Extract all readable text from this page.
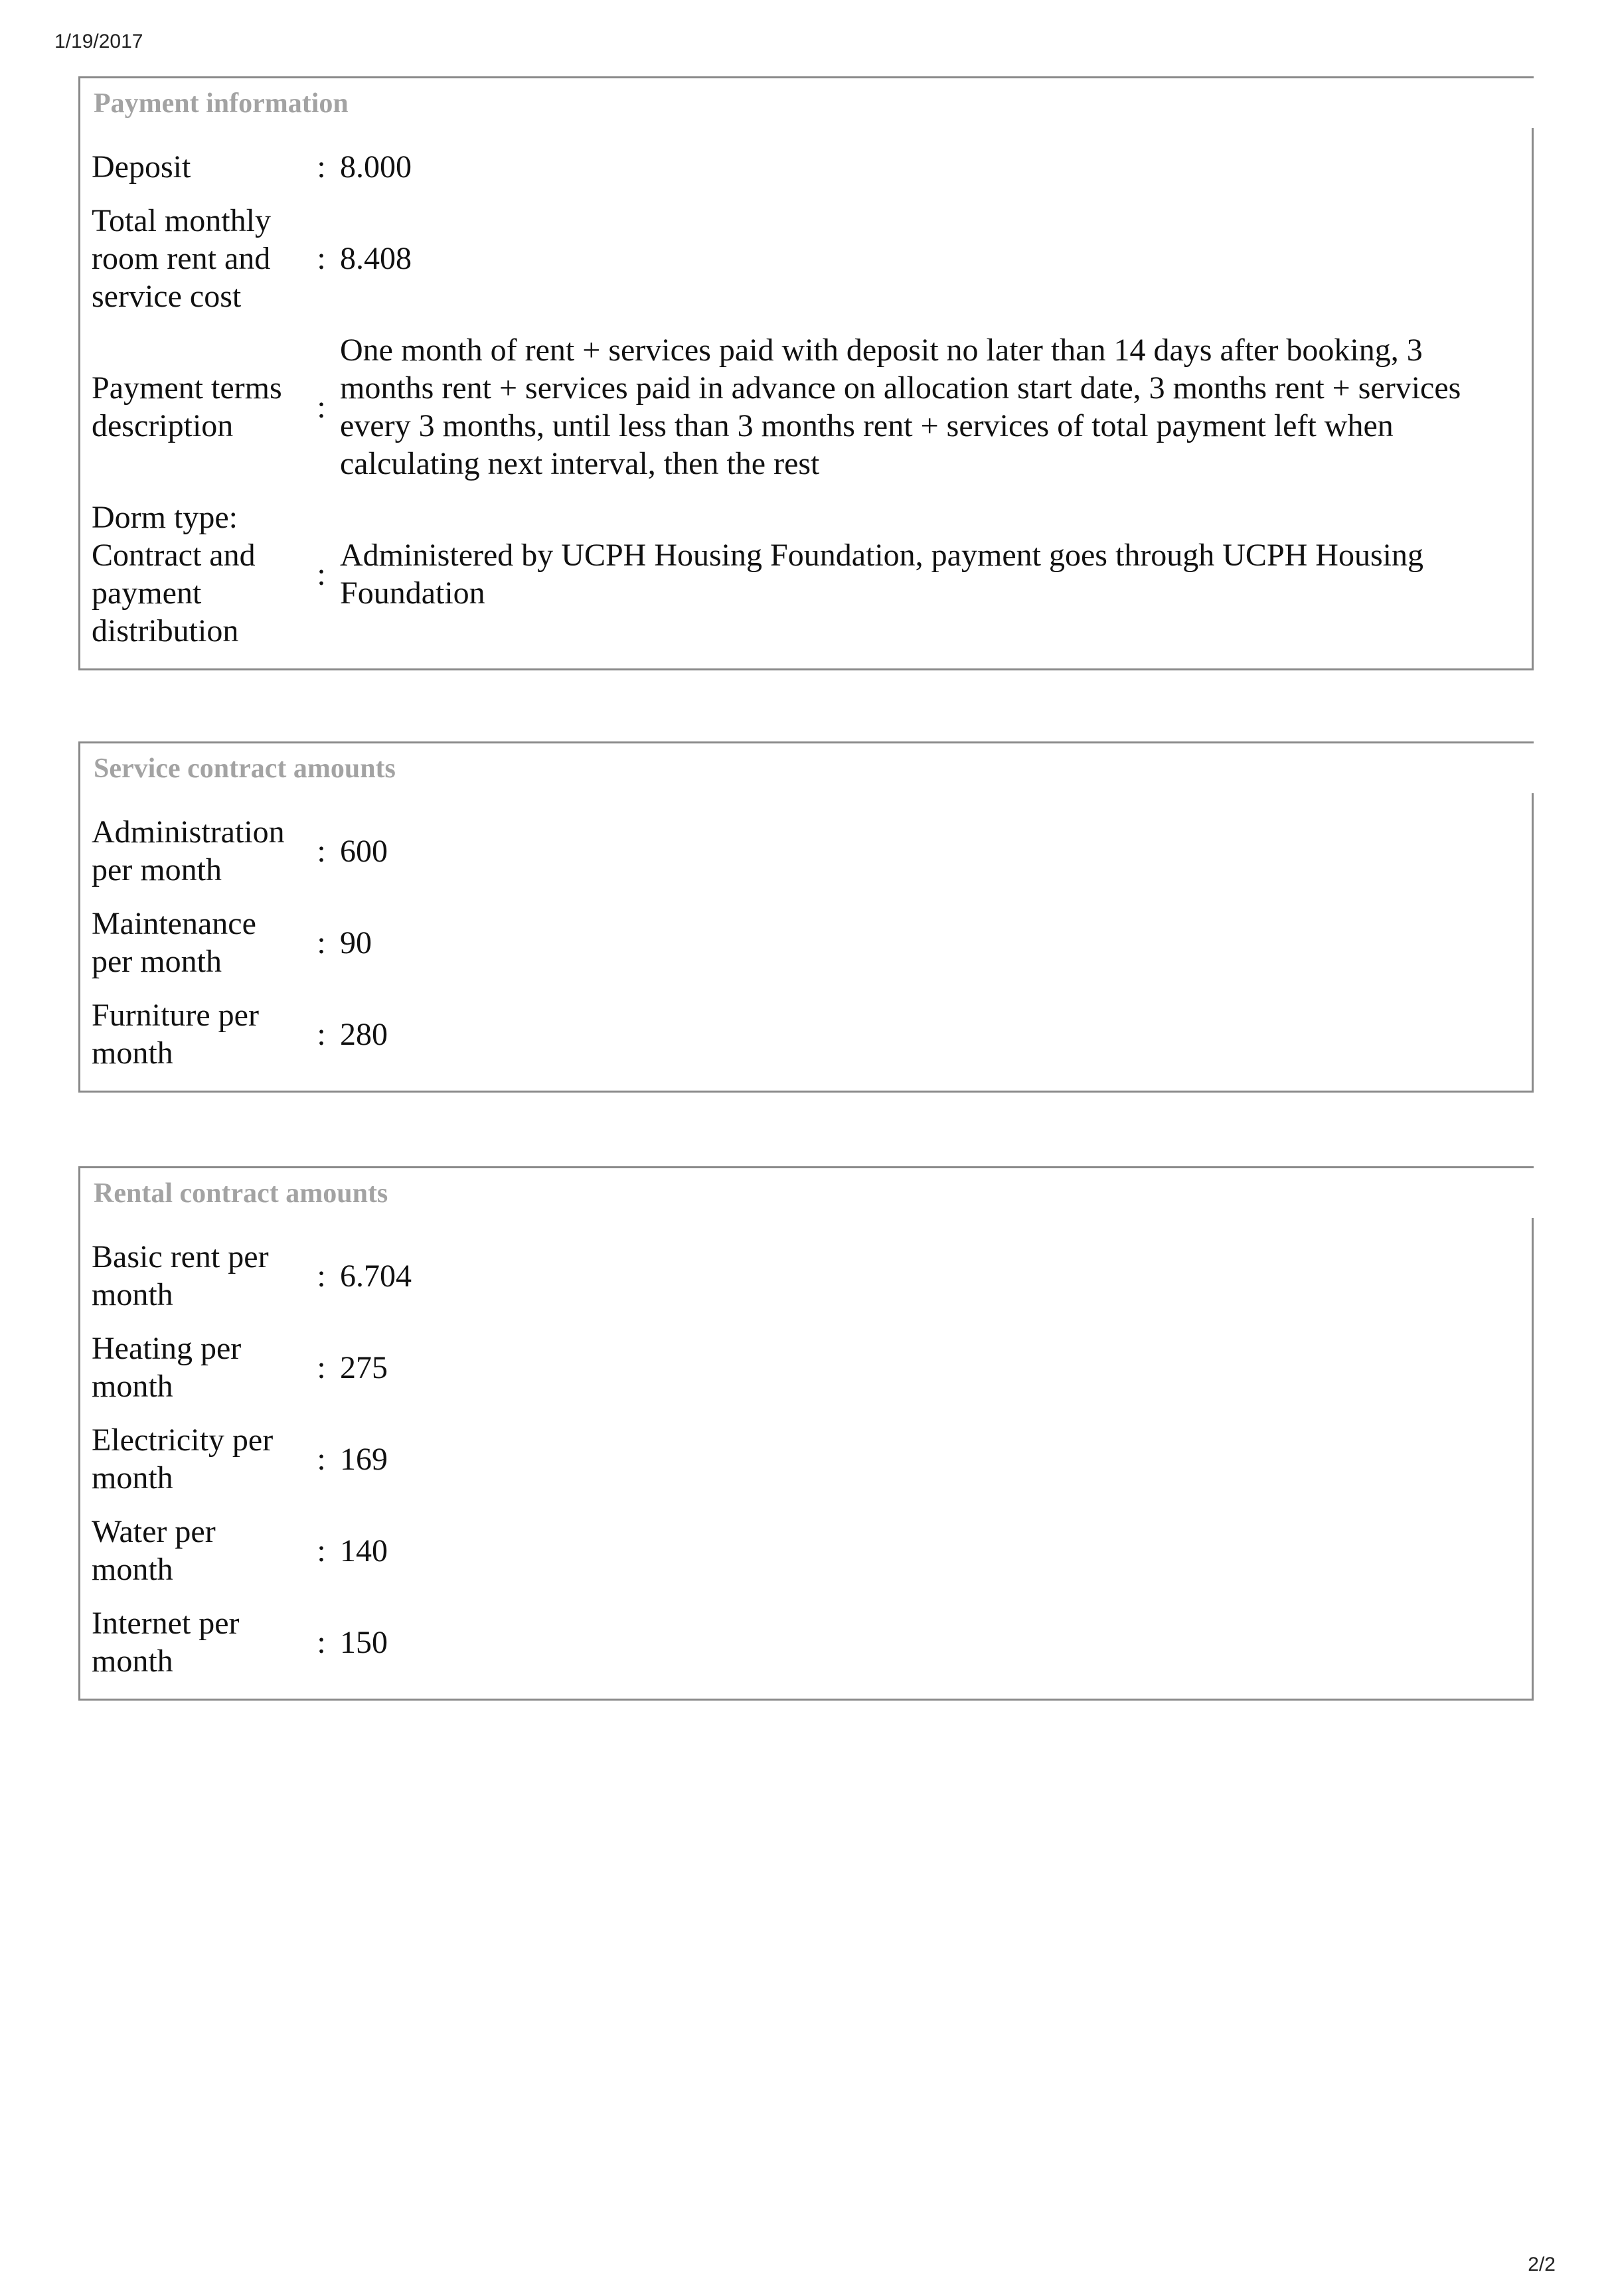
1/19/2017
Payment information
Deposit	: 8.000
Total monthly room rent and service cost
: 8.408
Payment terms description
:
One month of rent + services paid with deposit no later than 14 days after booking, 3 months rent + services paid in advance on allocation start date, 3 months rent + services every 3 months, until less than 3 months rent + services of total payment left when calculating next interval, then the rest
Dorm type: Contract and payment distribution
:
Administered by UCPH Housing Foundation, payment goes through UCPH Housing Foundation
Service contract amounts
Administration per month
: 600
Maintenance per month
: 90
Furniture per month
: 280
Rental contract amounts
Basic rent per month
: 6.704
Heating per month
: 275
Electricity per month
: 169
Water per month
: 140
Internet per month
: 150
2/2
